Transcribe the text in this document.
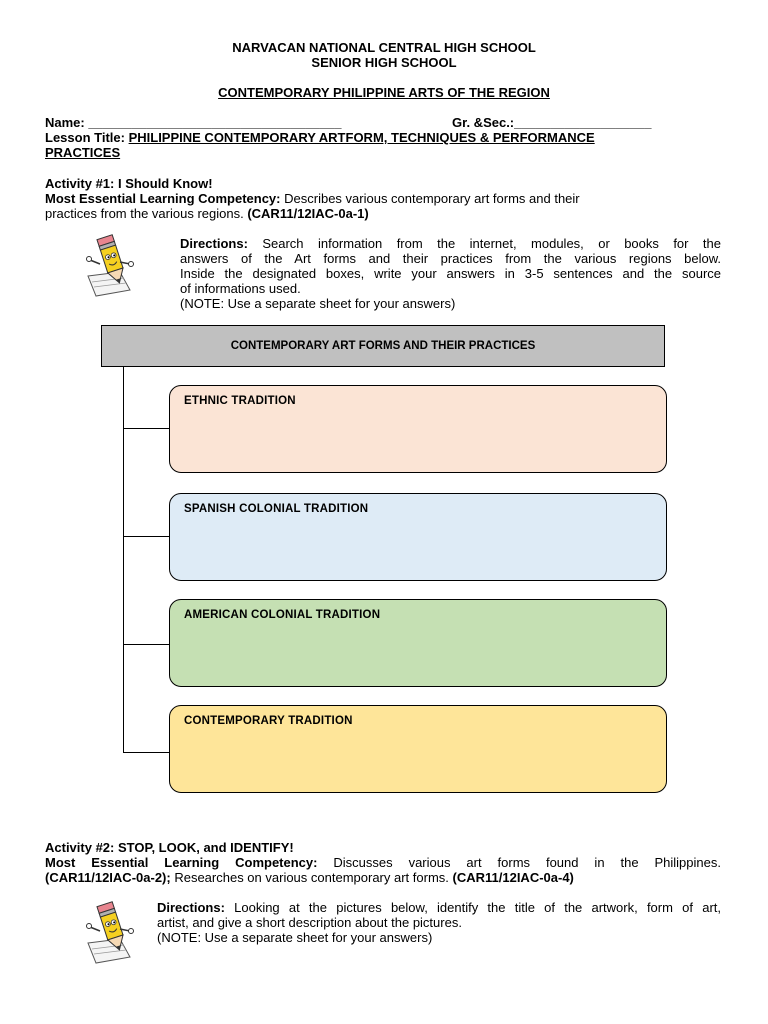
NARVACAN NATIONAL CENTRAL HIGH SCHOOL
SENIOR HIGH SCHOOL
CONTEMPORARY PHILIPPINE ARTS OF THE REGION
Name: ___________________________________	Gr. &Sec.:___________________
Lesson Title: PHILIPPINE CONTEMPORARY ARTFORM, TECHNIQUES & PERFORMANCE
PRACTICES
Activity #1: I Should Know!
Most Essential Learning Competency: Describes various contemporary art forms and their
practices from the various regions. (CAR11/12IAC-0a-1)
Directions: Search information from the internet, modules, or books for the
answers of the Art forms and their practices from the various regions below.
Inside the designated boxes, write your answers in 3-5 sentences and the source
of informations used.
(NOTE: Use a separate sheet for your answers)
CONTEMPORARY ART FORMS AND THEIR PRACTICES
ETHNIC TRADITION
SPANISH COLONIAL TRADITION
AMERICAN COLONIAL TRADITION
CONTEMPORARY TRADITION
Activity #2: STOP, LOOK, and IDENTIFY!
Most Essential Learning Competency: Discusses various art forms found in the Philippines.
(CAR11/12IAC-0a-2); Researches on various contemporary art forms. (CAR11/12IAC-0a-4)
Directions: Looking at the pictures below, identify the title of the artwork, form of art,
artist, and give a short description about the pictures.
(NOTE: Use a separate sheet for your answers)
